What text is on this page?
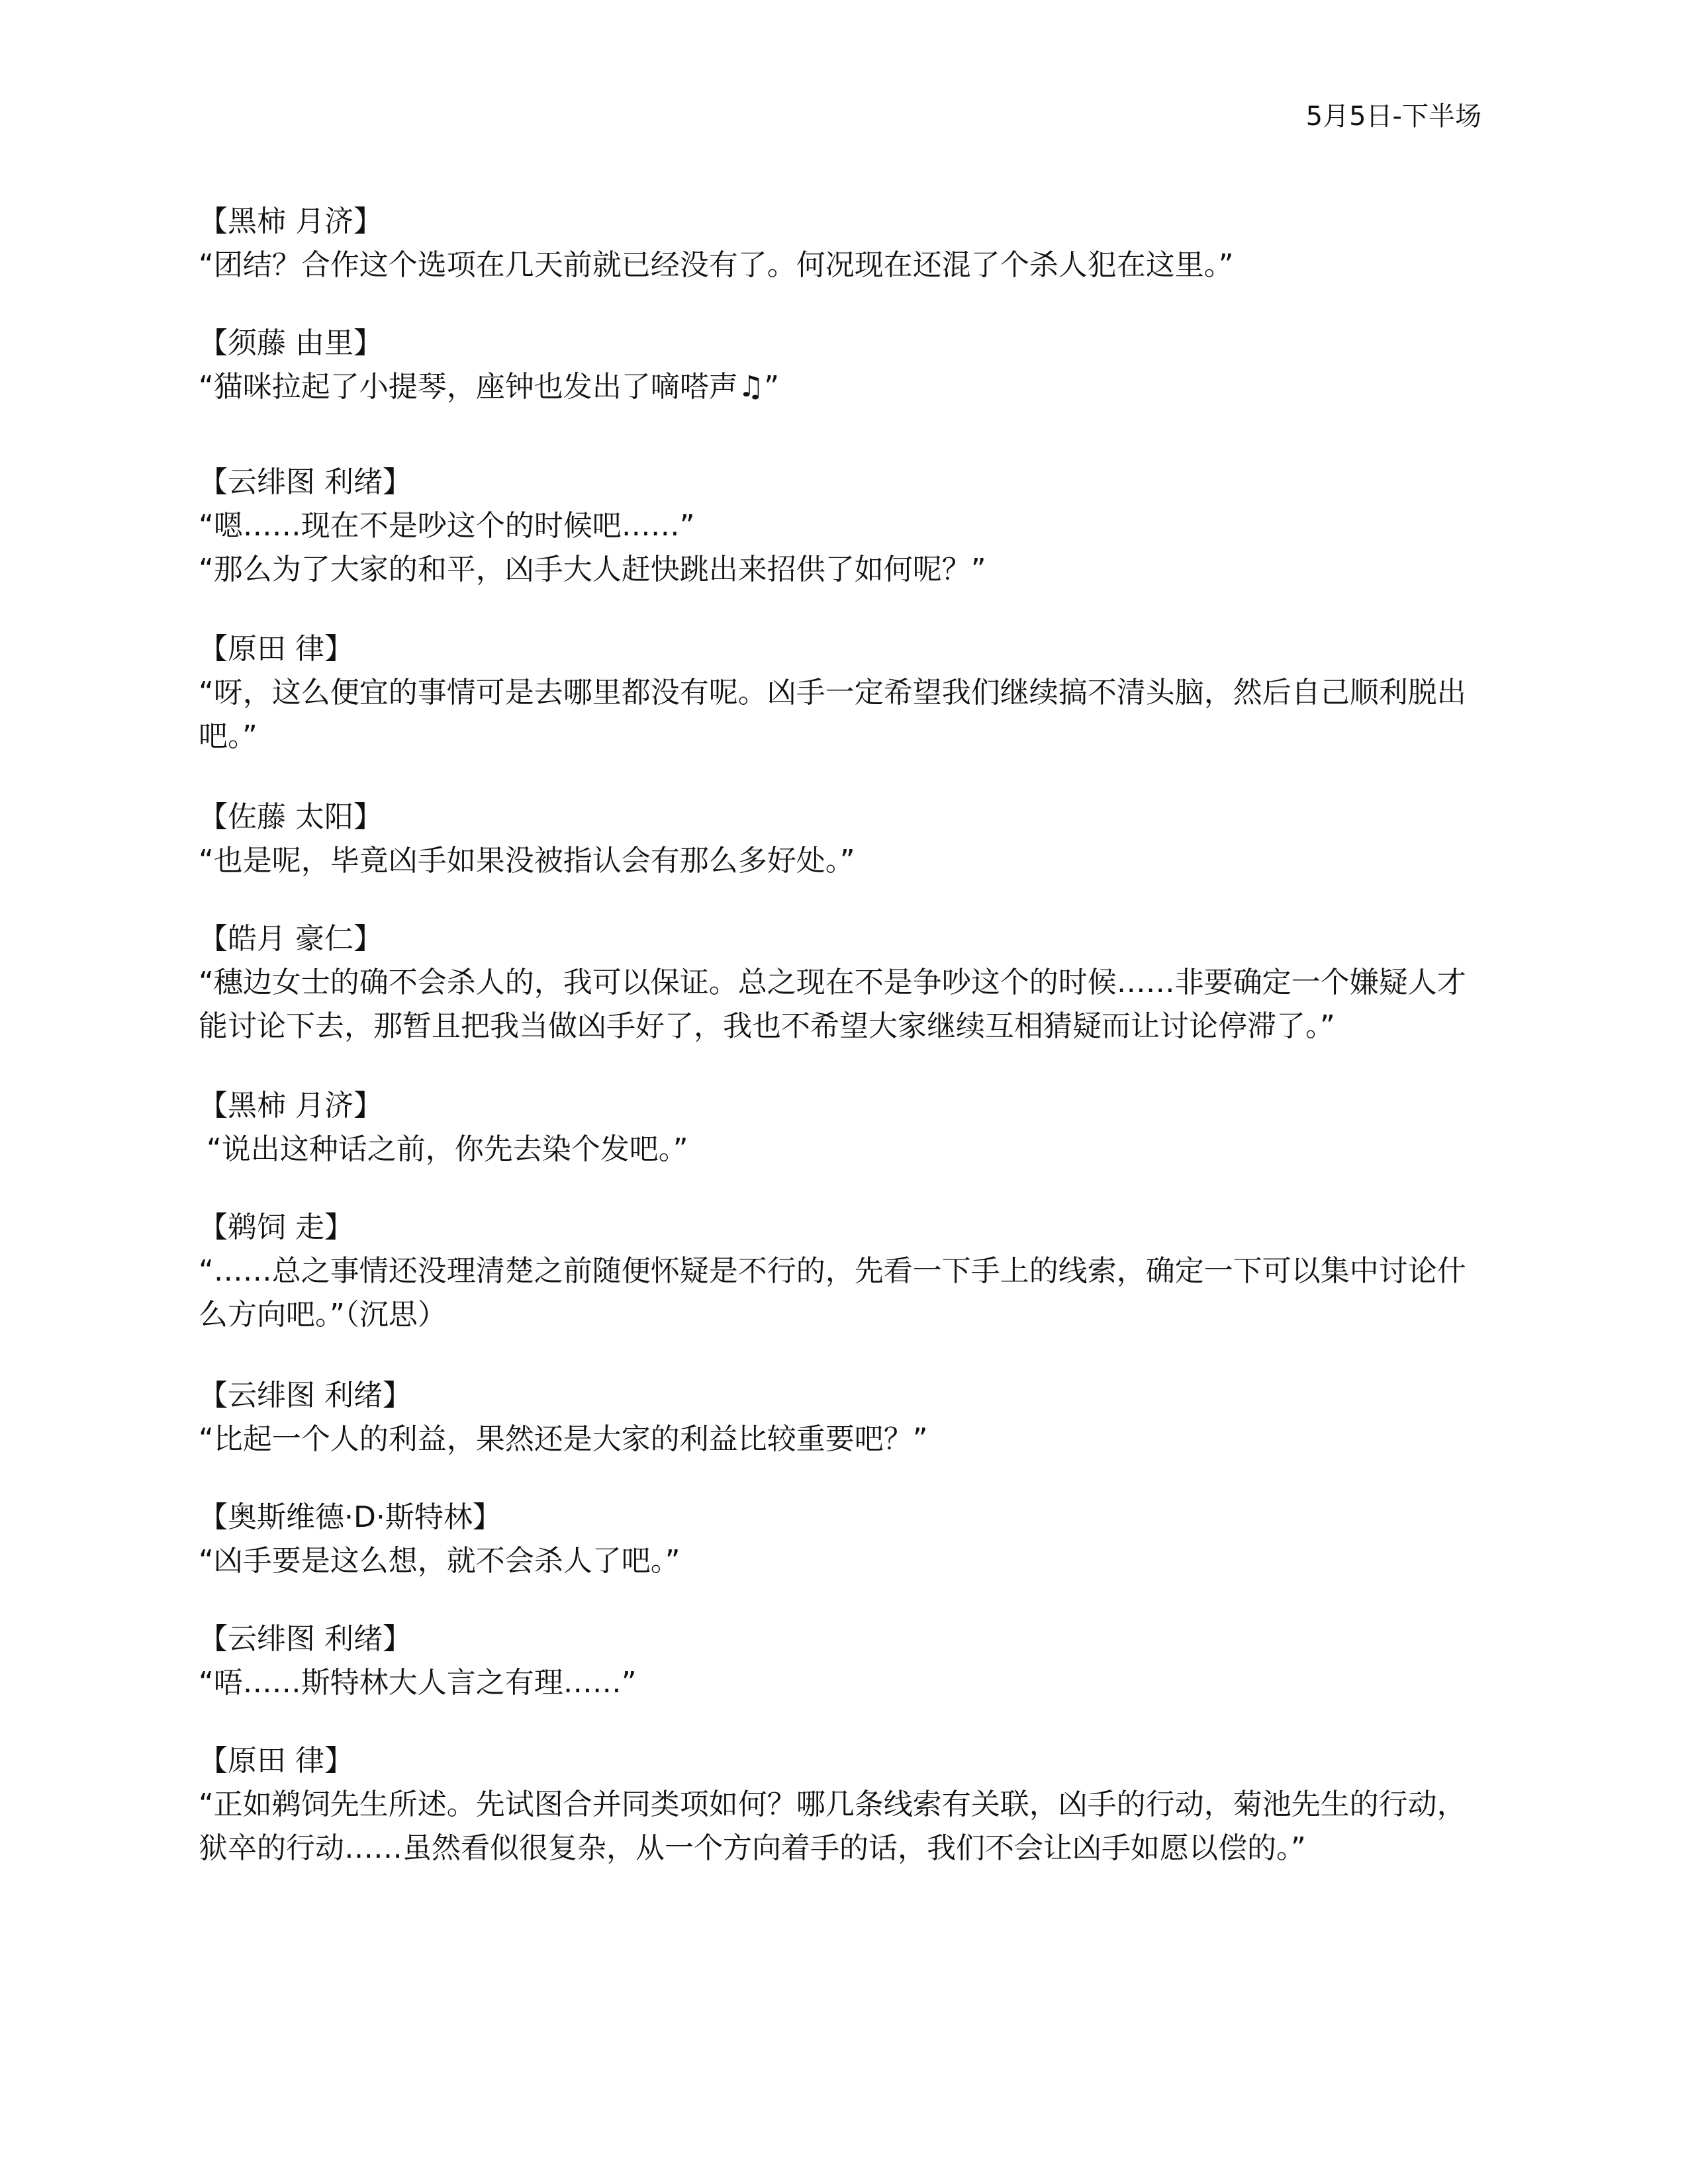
5月5日-下半场

【黑柿 月济】

“团结？合作这个选项在几天前就已经没有了。何况现在还混了个杀人犯在这里。”

【须藤 由里】

“猫咪拉起了小提琴，座钟也发出了嘀嗒声♫”

【云绯图 利绪】

“嗯……现在不是吵这个的时候吧……”

“那么为了大家的和平，凶手大人赶快跳出来招供了如何呢？”

【原田 律】

“呀，这么便宜的事情可是去哪里都没有呢。凶手一定希望我们继续搞不清头脑，然后自己顺利脱出吧。”

【佐藤 太阳】

“也是呢，毕竟凶手如果没被指认会有那么多好处。”

【皓月 豪仁】

“穗边女士的确不会杀人的，我可以保证。总之现在不是争吵这个的时候……非要确定一个嫌疑人才能讨论下去，那暂且把我当做凶手好了，我也不希望大家继续互相猜疑而让讨论停滞了。”

【黑柿 月济】

“说出这种话之前，你先去染个发吧。”

【鹈饲 走】

“……总之事情还没理清楚之前随便怀疑是不行的，先看一下手上的线索，确定一下可以集中讨论什么方向吧。”（沉思）

【云绯图 利绪】

“比起一个人的利益，果然还是大家的利益比较重要吧？”

【奥斯维德·D·斯特林】

“凶手要是这么想，就不会杀人了吧。”

【云绯图 利绪】

“唔……斯特林大人言之有理……”

【原田 律】

“正如鹈饲先生所述。先试图合并同类项如何？哪几条线索有关联，凶手的行动，菊池先生的行动，狱卒的行动……虽然看似很复杂，从一个方向着手的话，我们不会让凶手如愿以偿的。”
